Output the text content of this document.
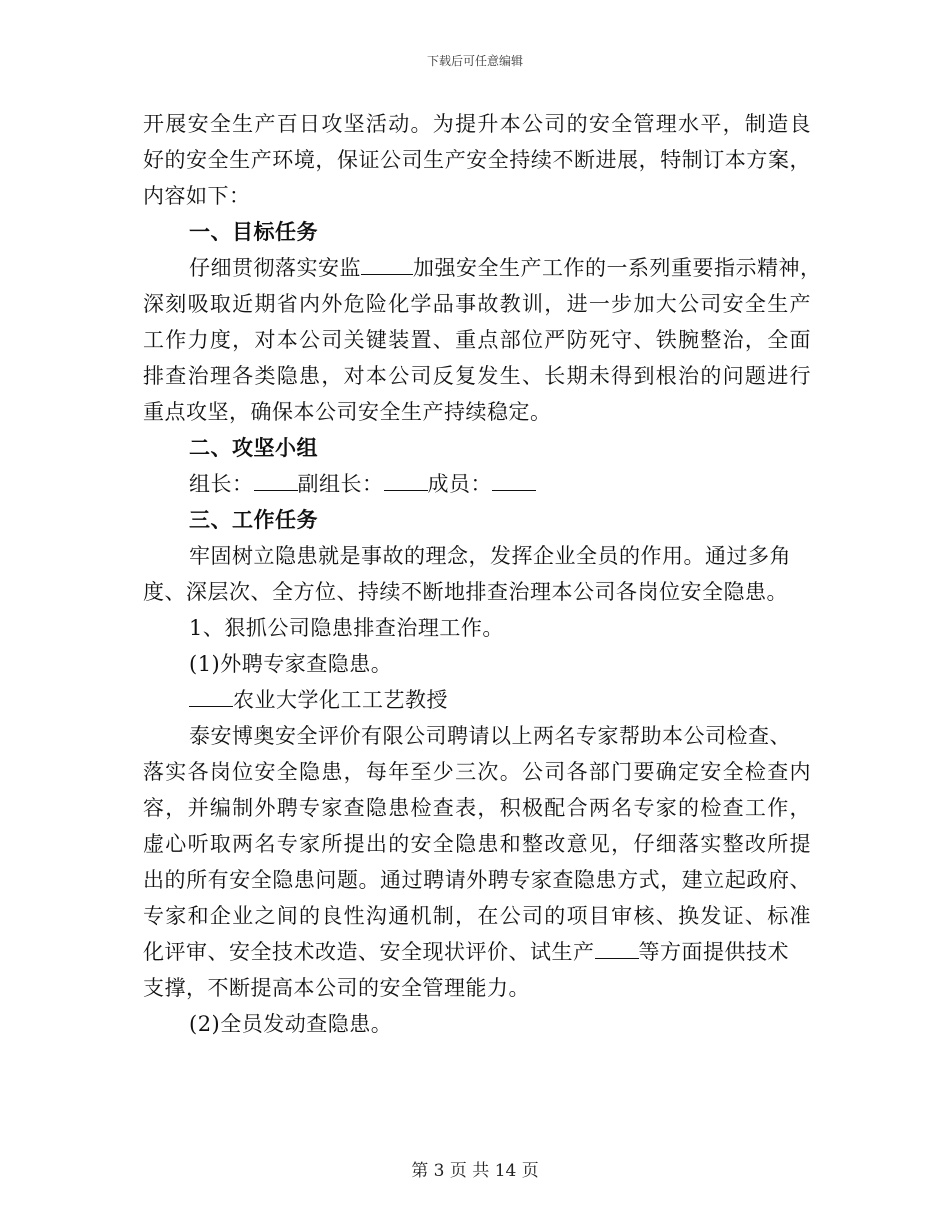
下载后可任意编辑
开展安全生产百日攻坚活动。为提升本公司的安全管理水平，制造良
好的安全生产环境，保证公司生产安全持续不断进展，特制订本方案，
内容如下：
一、目标任务
仔细贯彻落实安监 加强安全生产工作的一系列重要指示精神，
深刻吸取近期省内外危险化学品事故教训，进一步加大公司安全生产
工作力度，对本公司关键装置、重点部位严防死守、铁腕整治，全面
排查治理各类隐患，对本公司反复发生、长期未得到根治的问题进行
重点攻坚，确保本公司安全生产持续稳定。
二、攻坚小组
组长： 副组长： 成员：
三、工作任务
牢固树立隐患就是事故的理念，发挥企业全员的作用。通过多角
度、深层次、全方位、持续不断地排查治理本公司各岗位安全隐患。
1、狠抓公司隐患排查治理工作。
(1)外聘专家查隐患。
农业大学化工工艺教授
泰安博奥安全评价有限公司聘请以上两名专家帮助本公司检查、
落实各岗位安全隐患，每年至少三次。公司各部门要确定安全检查内
容，并编制外聘专家查隐患检查表，积极配合两名专家的检查工作，
虚心听取两名专家所提出的安全隐患和整改意见，仔细落实整改所提
出的所有安全隐患问题。通过聘请外聘专家查隐患方式，建立起政府、
专家和企业之间的良性沟通机制，在公司的项目审核、换发证、标准
化评审、安全技术改造、安全现状评价、试生产 等方面提供技术
支撑，不断提高本公司的安全管理能力。
(2)全员发动查隐患。
第 3 页 共 14 页
